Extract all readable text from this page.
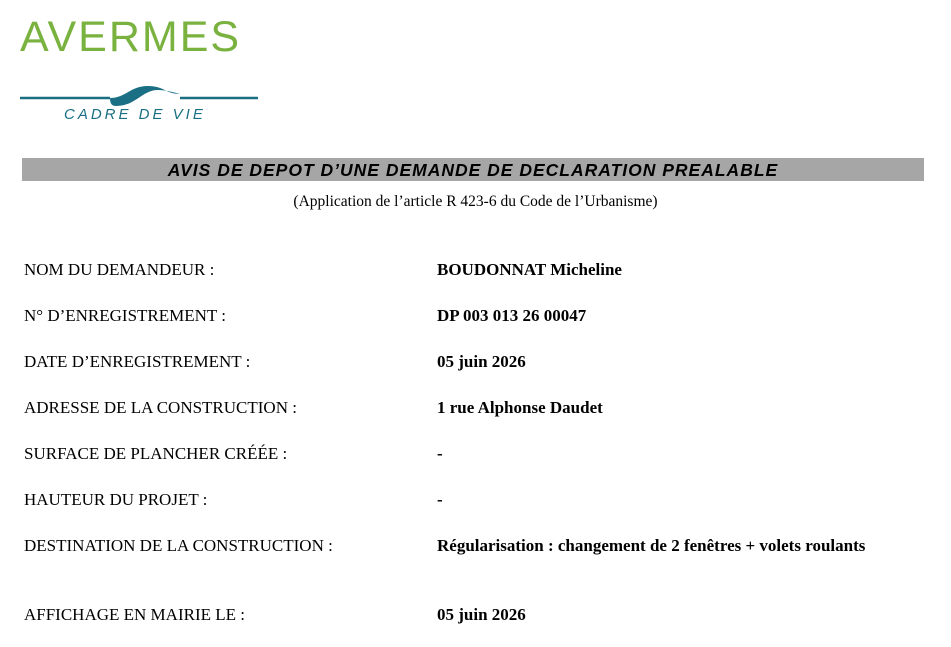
AVERMES
CADRE DE VIE
AVIS DE DEPOT D’UNE DEMANDE DE DECLARATION PREALABLE
(Application de l’article R 423-6 du Code de l’Urbanisme)
NOM DU DEMANDEUR :	BOUDONNAT Micheline
N° D’ENREGISTREMENT :	DP 003 013 26 00047
DATE D’ENREGISTREMENT :	05 juin 2026
ADRESSE DE LA CONSTRUCTION :	1 rue Alphonse Daudet
SURFACE DE PLANCHER CRÉÉE :	-
HAUTEUR DU PROJET :	-
DESTINATION DE LA CONSTRUCTION :	Régularisation : changement de 2 fenêtres + volets roulants
AFFICHAGE EN MAIRIE LE :	05 juin 2026
